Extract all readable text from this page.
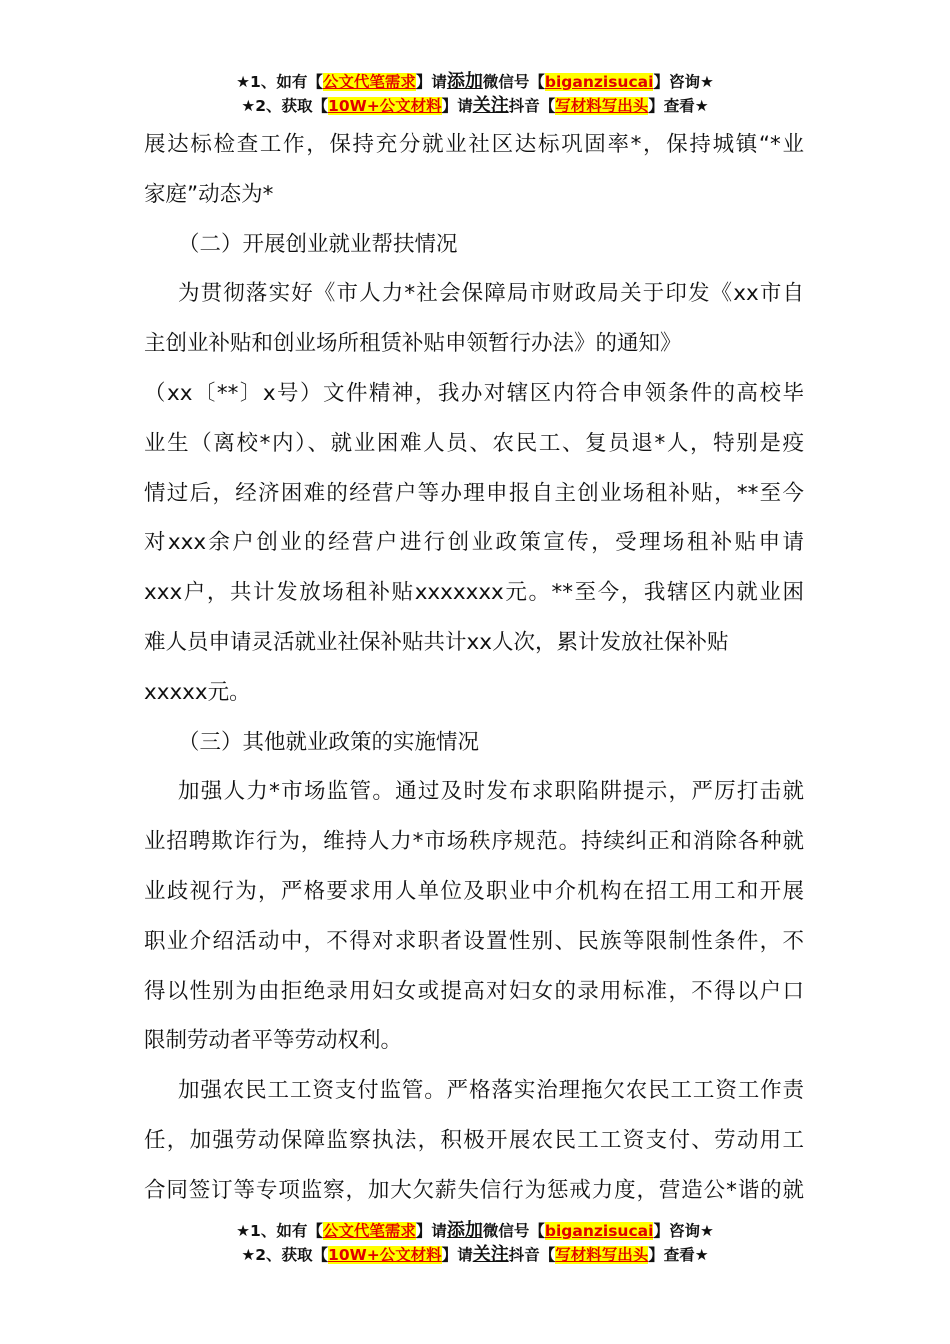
★1、如有【公文代笔需求】请添加微信号【biganzisucai】咨询★
★2、获取【10W+公文材料】请关注抖音【写材料写出头】查看★
展达标检查工作，保持充分就业社区达标巩固率*，保持城镇“*业
家庭”动态为*
（二）开展创业就业帮扶情况
为贯彻落实好《市人力*社会保障局市财政局关于印发《xx市自
主创业补贴和创业场所租赁补贴申领暂行办法》的通知》
（xx〔**〕x号）文件精神，我办对辖区内符合申领条件的高校毕
业生（离校*内）、就业困难人员、农民工、复员退*人，特别是疫
情过后，经济困难的经营户等办理申报自主创业场租补贴，**至今
对xxx余户创业的经营户进行创业政策宣传，受理场租补贴申请
xxx户，共计发放场租补贴xxxxxxx元。**至今，我辖区内就业困
难人员申请灵活就业社保补贴共计xx人次，累计发放社保补贴
xxxxx元。
（三）其他就业政策的实施情况
加强人力*市场监管。通过及时发布求职陷阱提示，严厉打击就
业招聘欺诈行为，维持人力*市场秩序规范。持续纠正和消除各种就
业歧视行为，严格要求用人单位及职业中介机构在招工用工和开展
职业介绍活动中，不得对求职者设置性别、民族等限制性条件，不
得以性别为由拒绝录用妇女或提高对妇女的录用标准，不得以户口
限制劳动者平等劳动权利。
加强农民工工资支付监管。严格落实治理拖欠农民工工资工作责
任，加强劳动保障监察执法，积极开展农民工工资支付、劳动用工
合同签订等专项监察，加大欠薪失信行为惩戒力度，营造公*谐的就
★1、如有【公文代笔需求】请添加微信号【biganzisucai】咨询★
★2、获取【10W+公文材料】请关注抖音【写材料写出头】查看★
